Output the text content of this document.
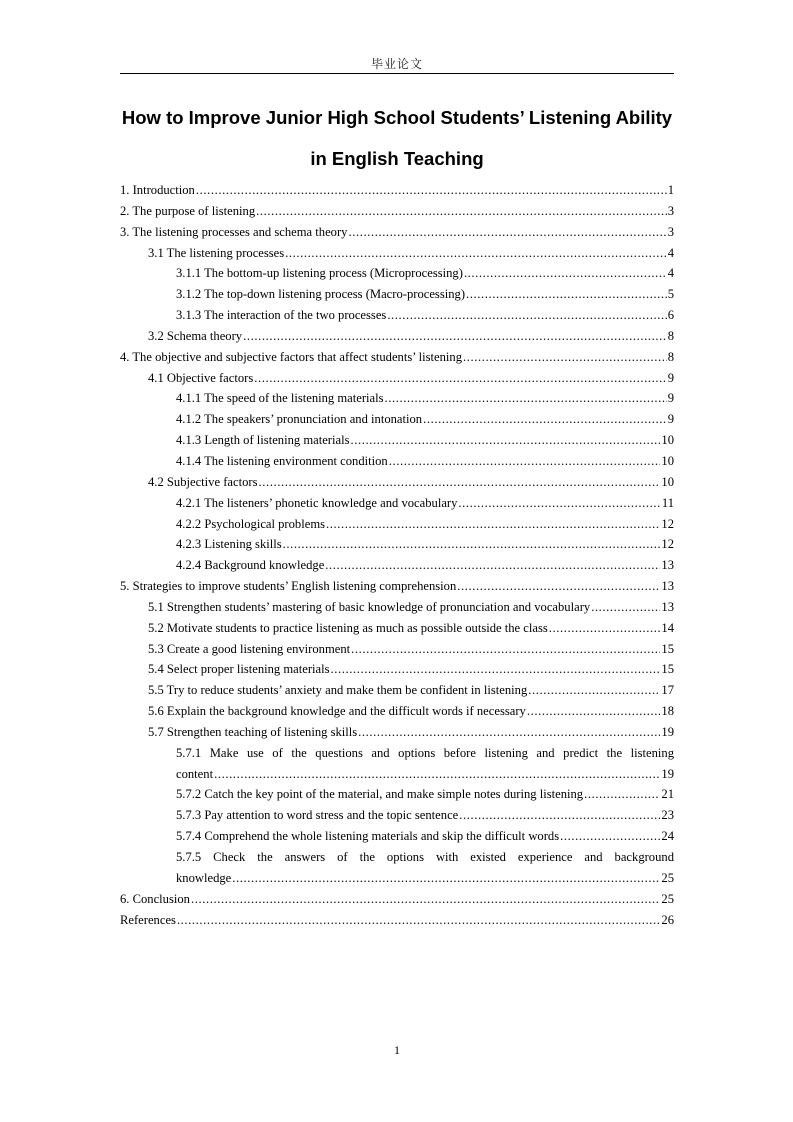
毕业论文
How to Improve Junior High School Students’ Listening Ability
in English Teaching
1. Introduction .....	1
2. The purpose of listening .....	3
3. The listening processes and schema theory .....	3
3.1 The listening processes .....	4
3.1.1 The bottom-up listening process (Microprocessing) .....	4
3.1.2 The top-down listening process (Macro-processing) .....	5
3.1.3 The interaction of the two processes .....	6
3.2 Schema theory .....	8
4. The objective and subjective factors that affect students’ listening .....	8
4.1 Objective factors .....	9
4.1.1 The speed of the listening materials .....	9
4.1.2 The speakers’ pronunciation and intonation .....	9
4.1.3 Length of listening materials .....	10
4.1.4 The listening environment condition .....	10
4.2 Subjective factors .....	10
4.2.1 The listeners’ phonetic knowledge and vocabulary .....	11
4.2.2 Psychological problems .....	12
4.2.3 Listening skills .....	12
4.2.4 Background knowledge .....	13
5. Strategies to improve students’ English listening comprehension .....	13
5.1 Strengthen students’ mastering of basic knowledge of pronunciation and vocabulary .....	13
5.2 Motivate students to practice listening as much as possible outside the class .....	14
5.3 Create a good listening environment .....	15
5.4 Select proper listening materials .....	15
5.5 Try to reduce students’ anxiety and make them be confident in listening .....	17
5.6 Explain the background knowledge and the difficult words if necessary .....	18
5.7 Strengthen teaching of listening skills .....	19
5.7.1 Make use of the questions and options before listening and predict the listening
content .....	19
5.7.2 Catch the key point of the material, and make simple notes during listening .....	21
5.7.3 Pay attention to word stress and the topic sentence .....	23
5.7.4 Comprehend the whole listening materials and skip the difficult words .....	24
5.7.5 Check the answers of the options with existed experience and background
knowledge .....	25
6. Conclusion .....	25
References .....	26
1
